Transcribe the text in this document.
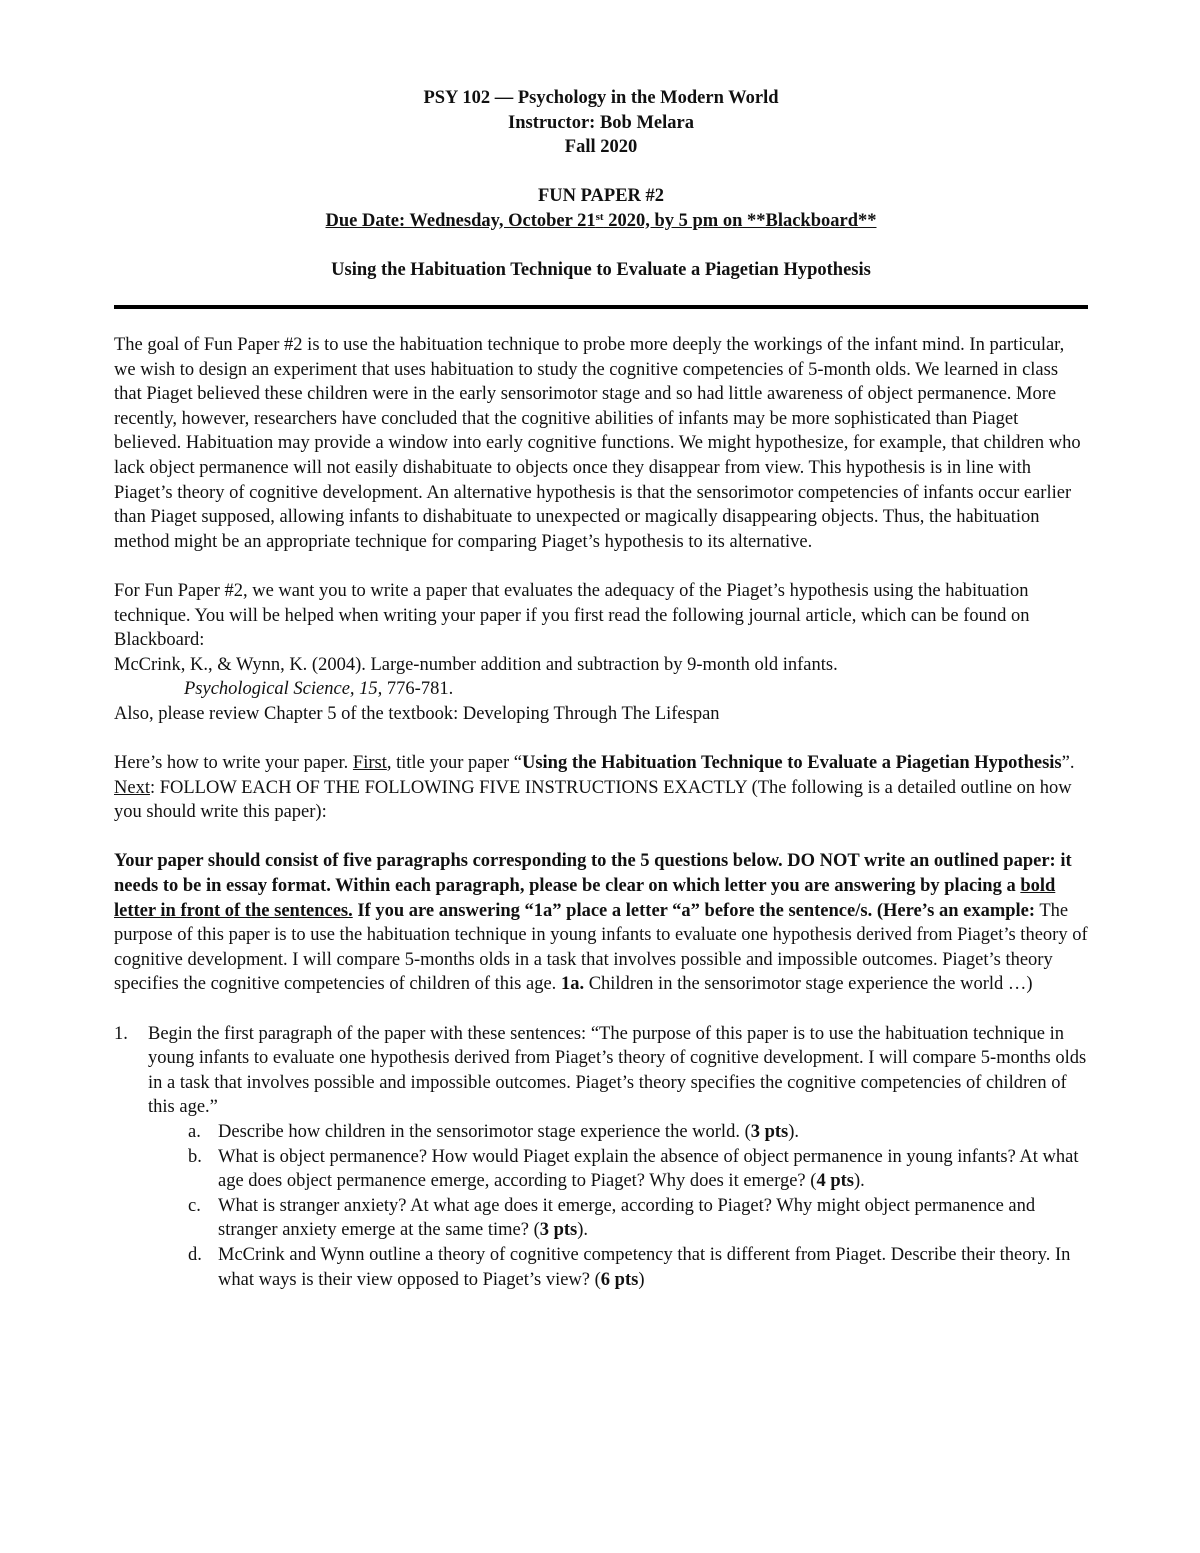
PSY 102 — Psychology in the Modern World
Instructor: Bob Melara
Fall 2020
FUN PAPER #2
Due Date: Wednesday, October 21st 2020, by 5 pm on **Blackboard**
Using the Habituation Technique to Evaluate a Piagetian Hypothesis

The goal of Fun Paper #2 is to use the habituation technique to probe more deeply the workings of the infant mind. In particular, we wish to design an experiment that uses habituation to study the cognitive competencies of 5-month olds. We learned in class that Piaget believed these children were in the early sensorimotor stage and so had little awareness of object permanence. More recently, however, researchers have concluded that the cognitive abilities of infants may be more sophisticated than Piaget believed. Habituation may provide a window into early cognitive functions. We might hypothesize, for example, that children who lack object permanence will not easily dishabituate to objects once they disappear from view. This hypothesis is in line with Piaget’s theory of cognitive development. An alternative hypothesis is that the sensorimotor competencies of infants occur earlier than Piaget supposed, allowing infants to dishabituate to unexpected or magically disappearing objects. Thus, the habituation method might be an appropriate technique for comparing Piaget’s hypothesis to its alternative.

For Fun Paper #2, we want you to write a paper that evaluates the adequacy of the Piaget’s hypothesis using the habituation technique. You will be helped when writing your paper if you first read the following journal article, which can be found on Blackboard:

McCrink, K., & Wynn, K. (2004). Large-number addition and subtraction by 9-month old infants.

Psychological Science, 15, 776-781.

Also, please review Chapter 5 of the textbook: Developing Through The Lifespan

Here’s how to write your paper. First, title your paper “Using the Habituation Technique to Evaluate a Piagetian Hypothesis”. Next: FOLLOW EACH OF THE FOLLOWING FIVE INSTRUCTIONS EXACTLY (The following is a detailed outline on how you should write this paper):

Your paper should consist of five paragraphs corresponding to the 5 questions below. DO NOT write an outlined paper: it needs to be in essay format. Within each paragraph, please be clear on which letter you are answering by placing a bold letter in front of the sentences. If you are answering “1a” place a letter “a” before the sentence/s. (Here’s an example: The purpose of this paper is to use the habituation technique in young infants to evaluate one hypothesis derived from Piaget’s theory of cognitive development. I will compare 5-months olds in a task that involves possible and impossible outcomes. Piaget’s theory specifies the cognitive competencies of children of this age. 1a. Children in the sensorimotor stage experience the world …)

1. Begin the first paragraph of the paper with these sentences: “The purpose of this paper is to use the habituation technique in young infants to evaluate one hypothesis derived from Piaget’s theory of cognitive development. I will compare 5-months olds in a task that involves possible and impossible outcomes. Piaget’s theory specifies the cognitive competencies of children of this age.”
a. Describe how children in the sensorimotor stage experience the world. (3 pts).
b. What is object permanence? How would Piaget explain the absence of object permanence in young infants? At what age does object permanence emerge, according to Piaget? Why does it emerge? (4 pts).
c. What is stranger anxiety? At what age does it emerge, according to Piaget? Why might object permanence and stranger anxiety emerge at the same time? (3 pts).
d. McCrink and Wynn outline a theory of cognitive competency that is different from Piaget. Describe their theory. In what ways is their view opposed to Piaget’s view? (6 pts)
